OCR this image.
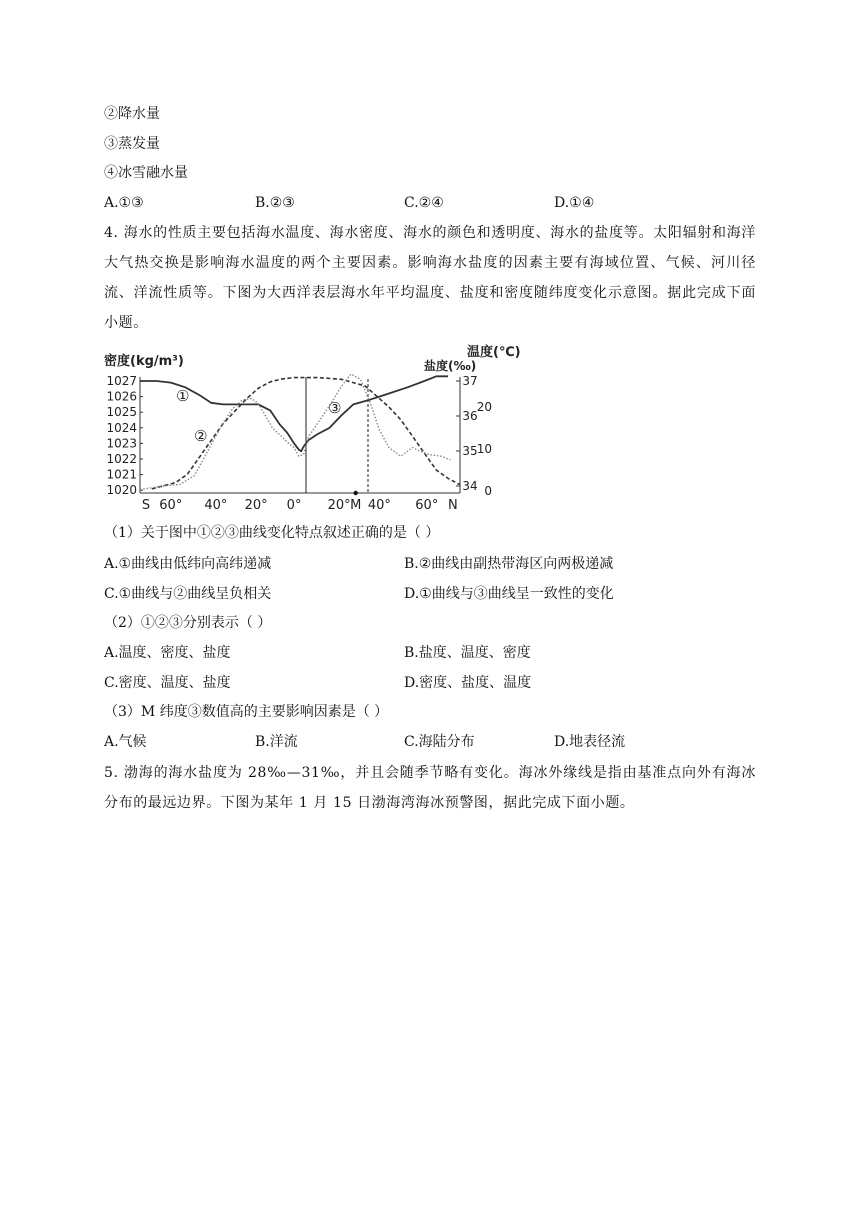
②降水量
③蒸发量
④冰雪融水量
A.①③	B.②③	C.②④	D.①④
4. 海水的性质主要包括海水温度、海水密度、海水的颜色和透明度、海水的盐度等。太阳辐射和海洋大气热交换是影响海水温度的两个主要因素。影响海水盐度的因素主要有海域位置、气候、河川径流、洋流性质等。下图为大西洋表层海水年平均温度、盐度和密度随纬度变化示意图。据此完成下面小题。
1027
1026
1025
1024
1023
1022
1021
1020
37
36
35
34
20
10
0
S 60° 40° 20° 0° 20° M 40° 60° N
密度(kg/m³)	盐度(‰)
温度(℃)
①
②
③
（1）关于图中①②③曲线变化特点叙述正确的是（ ）
A.①曲线由低纬向高纬递减	B.②曲线由副热带海区向两极递减
C.①曲线与②曲线呈负相关	D.①曲线与③曲线呈一致性的变化
（2）①②③分别表示（ ）
A.温度、密度、盐度	B.盐度、温度、密度
C.密度、温度、盐度	D.密度、盐度、温度
（3）M 纬度③数值高的主要影响因素是（ ）
A.气候	B.洋流	C.海陆分布	D.地表径流
5. 渤海的海水盐度为 28‰—31‰，并且会随季节略有变化。海冰外缘线是指由基准点向外有海冰分布的最远边界。下图为某年 1 月 15 日渤海湾海冰预警图，据此完成下面小题。
